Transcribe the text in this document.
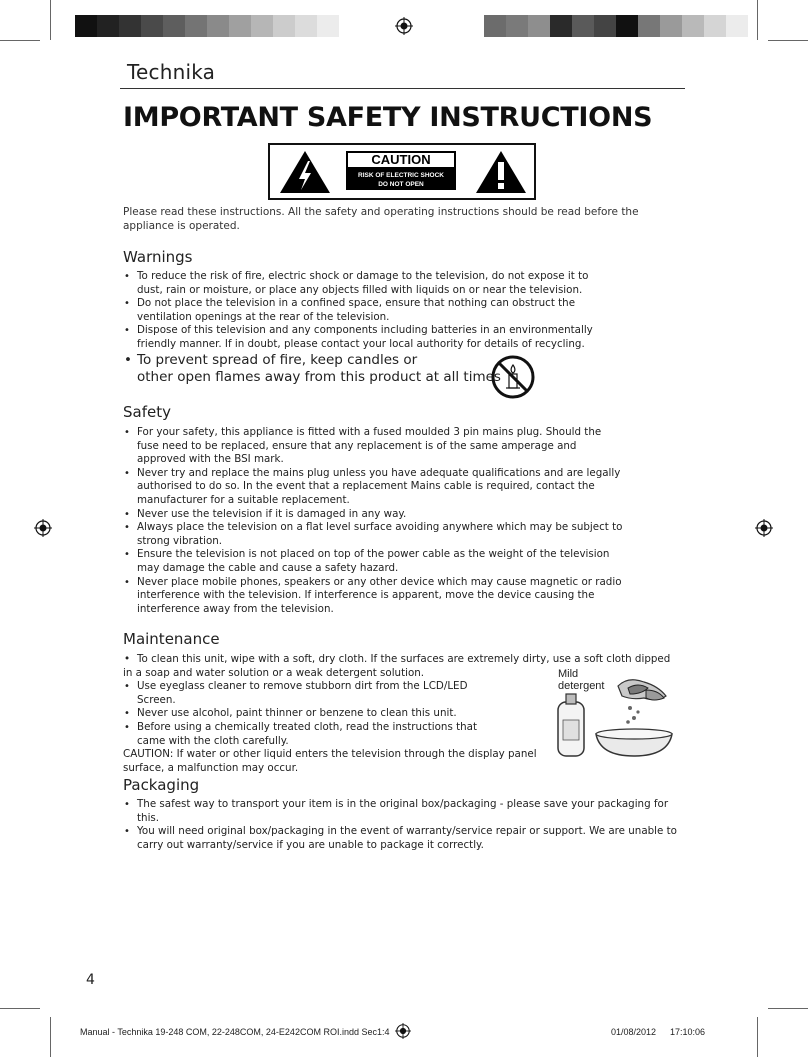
Technika
IMPORTANT SAFETY INSTRUCTIONS
CAUTION
RISK OF ELECTRIC SHOCK
DO NOT OPEN
Please read these instructions. All the safety and operating instructions should be read before the appliance is operated.
Warnings
• To reduce the risk of fire, electric shock or damage to the television, do not expose it to dust, rain or moisture, or place any objects filled with liquids on or near the television.
• Do not place the television in a confined space, ensure that nothing can obstruct the ventilation openings at the rear of the television.
• Dispose of this television and any components including batteries in an environmentally friendly manner. If in doubt, please contact your local authority for details of recycling.
• To prevent spread of fire, keep candles or
other open flames away from this product at all times
Safety
• For your safety, this appliance is fitted with a fused moulded 3 pin mains plug. Should the fuse need to be replaced, ensure that any replacement is of the same amperage and approved with the BSI mark.
• Never try and replace the mains plug unless you have adequate qualifications and are legally authorised to do so. In the event that a replacement Mains cable is required, contact the manufacturer for a suitable replacement.
• Never use the television if it is damaged in any way.
• Always place the television on a flat level surface avoiding anywhere which may be subject to strong vibration.
• Ensure the television is not placed on top of the power cable as the weight of the television may damage the cable and cause a safety hazard.
• Never place mobile phones, speakers or any other device which may cause magnetic or radio interference with the television. If interference is apparent, move the device causing the interference away from the television.
Maintenance
• To clean this unit, wipe with a soft, dry cloth. If the surfaces are extremely dirty, use a soft cloth dipped
in a soap and water solution or a weak detergent solution.
• Use eyeglass cleaner to remove stubborn dirt from the LCD/LED Screen.
• Never use alcohol, paint thinner or benzene to clean this unit.
• Before using a chemically treated cloth, read the instructions that came with the cloth carefully.
CAUTION: If water or other liquid enters the television through the display panel
surface, a malfunction may occur.
Mild
detergent
Packaging
• The safest way to transport your item is in the original box/packaging - please save your packaging for this.
• You will need original box/packaging in the event of warranty/service repair or support. We are unable to carry out warranty/service if you are unable to package it correctly.
4
Manual - Technika 19-248 COM, 22-248COM, 24-E242COM ROI.indd Sec1:4	01/08/2012 17:10:06
